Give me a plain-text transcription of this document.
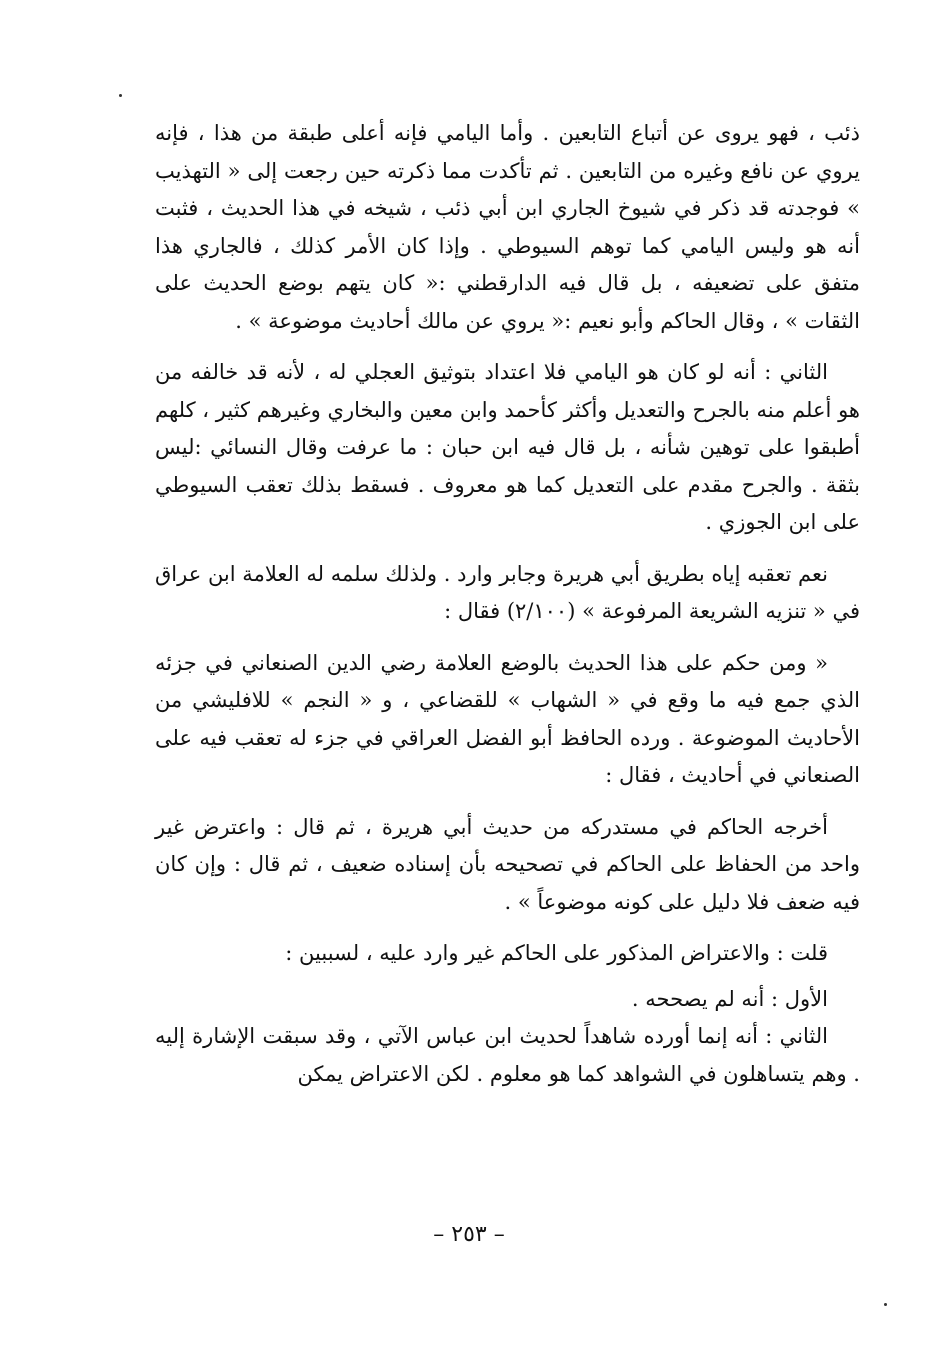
ذئب ، فهو يروى عن أتباع التابعين . وأما اليامي فإنه أعلى طبقة من هذا ، فإنه يروي عن نافع وغيره من التابعين . ثم تأكدت مما ذكرته حين رجعت إلى « التهذيب » فوجدته قد ذكر في شيوخ الجاري ابن أبي ذئب ، شيخه في هذا الحديث ، فثبت أنه هو وليس اليامي كما توهم السيوطي . وإذا كان الأمر كذلك ، فالجاري هذا متفق على تضعيفه ، بل قال فيه الدارقطني :« كان يتهم بوضع الحديث على الثقات » ، وقال الحاكم وأبو نعيم :« يروي عن مالك أحاديث موضوعة » .

الثاني : أنه لو كان هو اليامي فلا اعتداد بتوثيق العجلي له ، لأنه قد خالفه من هو أعلم منه بالجرح والتعديل وأكثر كأحمد وابن معين والبخاري وغيرهم كثير ، كلهم أطبقوا على توهين شأنه ، بل قال فيه ابن حبان : ما عرفت وقال النسائي :ليس بثقة . والجرح مقدم على التعديل كما هو معروف . فسقط بذلك تعقب السيوطي على ابن الجوزي .

نعم تعقبه إياه بطريق أبي هريرة وجابر وارد . ولذلك سلمه له العلامة ابن عراق في « تنزيه الشريعة المرفوعة » (٢/١٠٠) فقال :

« ومن حكم على هذا الحديث بالوضع العلامة رضي الدين الصنعاني في جزئه الذي جمع فيه ما وقع في « الشهاب » للقضاعي ، و « النجم » للافليشي من الأحاديث الموضوعة . ورده الحافظ أبو الفضل العراقي في جزء له تعقب فيه على الصنعاني في أحاديث ، فقال :

أخرجه الحاكم في مستدركه من حديث أبي هريرة ، ثم قال : واعترض غير واحد من الحفاظ على الحاكم في تصحيحه بأن إسناده ضعيف ، ثم قال : وإن كان فيه ضعف فلا دليل على كونه موضوعاً » .

قلت : والاعتراض المذكور على الحاكم غير وارد عليه ، لسببين :

الأول : أنه لم يصححه .

الثاني : أنه إنما أورده شاهداً لحديث ابن عباس الآتي ، وقد سبقت الإشارة إليه . وهم يتساهلون في الشواهد كما هو معلوم . لكن الاعتراض يمكن

– ٢٥٣ –
